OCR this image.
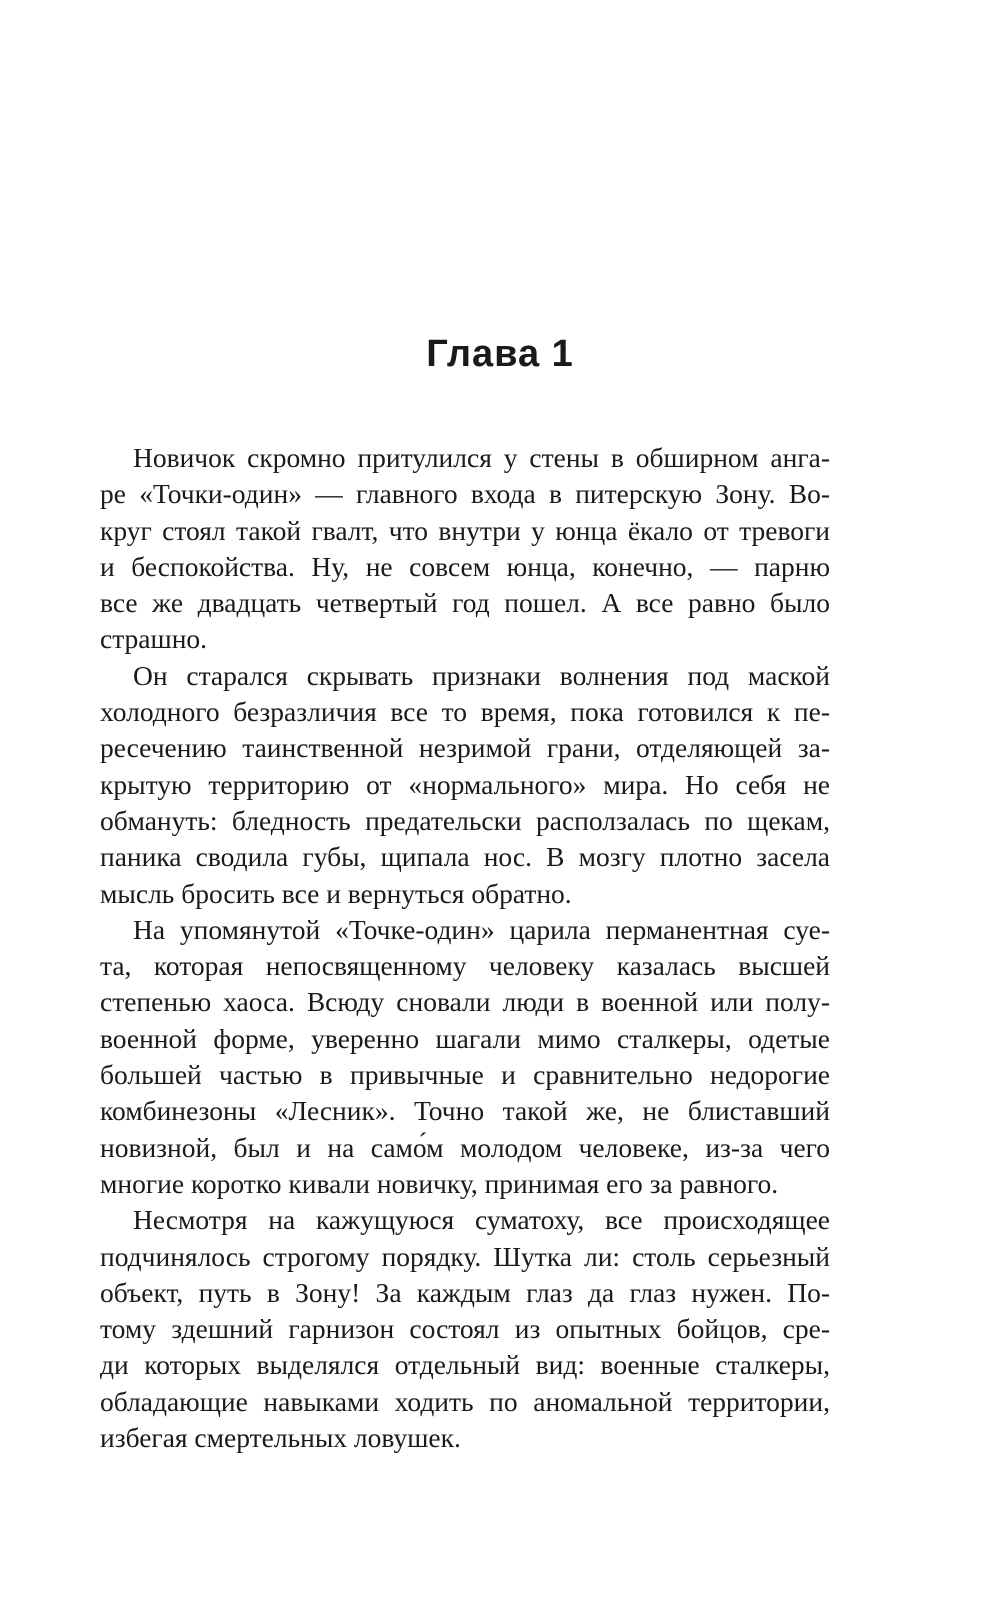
Глава 1

Новичок скромно притулился у стены в обширном анга-
ре «Точки-один» — главного входа в питерскую Зону. Во-
круг стоял такой гвалт, что внутри у юнца ёкало от тревоги
и беспокойства. Ну, не совсем юнца, конечно, — парню
все же двадцать четвертый год пошел. А все равно было
страшно.

Он старался скрывать признаки волнения под маской
холодного безразличия все то время, пока готовился к пе-
ресечению таинственной незримой грани, отделяющей за-
крытую территорию от «нормального» мира. Но себя не
обмануть: бледность предательски расползалась по щекам,
паника сводила губы, щипала нос. В мозгу плотно засела
мысль бросить все и вернуться обратно.

На упомянутой «Точке-один» царила перманентная суе-
та, которая непосвященному человеку казалась высшей
степенью хаоса. Всюду сновали люди в военной или полу-
военной форме, уверенно шагали мимо сталкеры, одетые
большей частью в привычные и сравнительно недорогие
комбинезоны «Лесник». Точно такой же, не блиставший
новизной, был и на само́м молодом человеке, из-за чего
многие коротко кивали новичку, принимая его за равного.

Несмотря на кажущуюся суматоху, все происходящее
подчинялось строгому порядку. Шутка ли: столь серьезный
объект, путь в Зону! За каждым глаз да глаз нужен. По-
тому здешний гарнизон состоял из опытных бойцов, сре-
ди которых выделялся отдельный вид: военные сталкеры,
обладающие навыками ходить по аномальной территории,
избегая смертельных ловушек.
